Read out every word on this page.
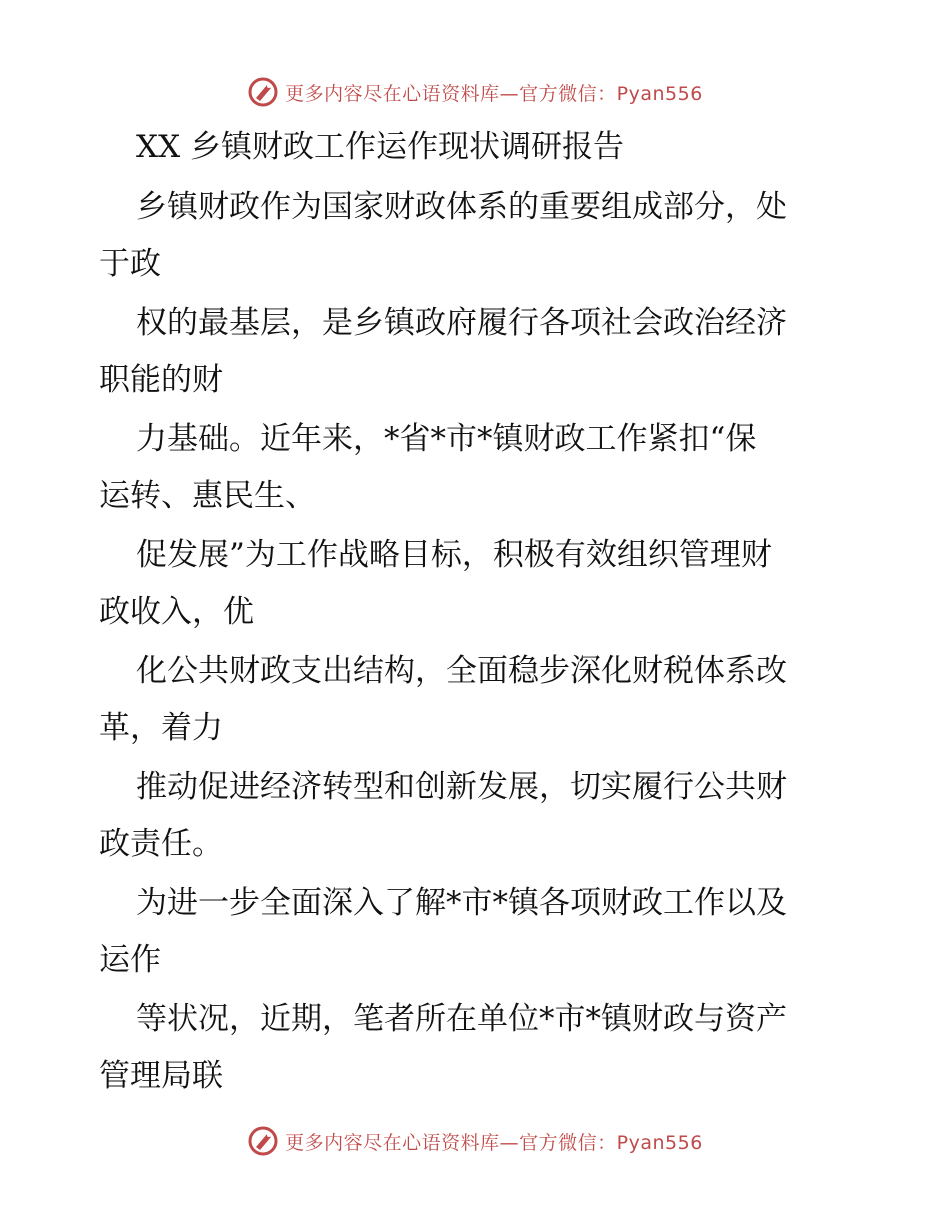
更多内容尽在心语资料库—官方微信：Pyan556
XX 乡镇财政工作运作现状调研报告
乡镇财政作为国家财政体系的重要组成部分，处
于政
权的最基层，是乡镇政府履行各项社会政治经济
职能的财
力基础。近年来，*省*市*镇财政工作紧扣“保
运转、惠民生、
促发展”为工作战略目标，积极有效组织管理财
政收入，优
化公共财政支出结构，全面稳步深化财税体系改
革，着力
推动促进经济转型和创新发展，切实履行公共财
政责任。
为进一步全面深入了解*市*镇各项财政工作以及
运作
等状况，近期，笔者所在单位*市*镇财政与资产
管理局联
更多内容尽在心语资料库—官方微信：Pyan556
